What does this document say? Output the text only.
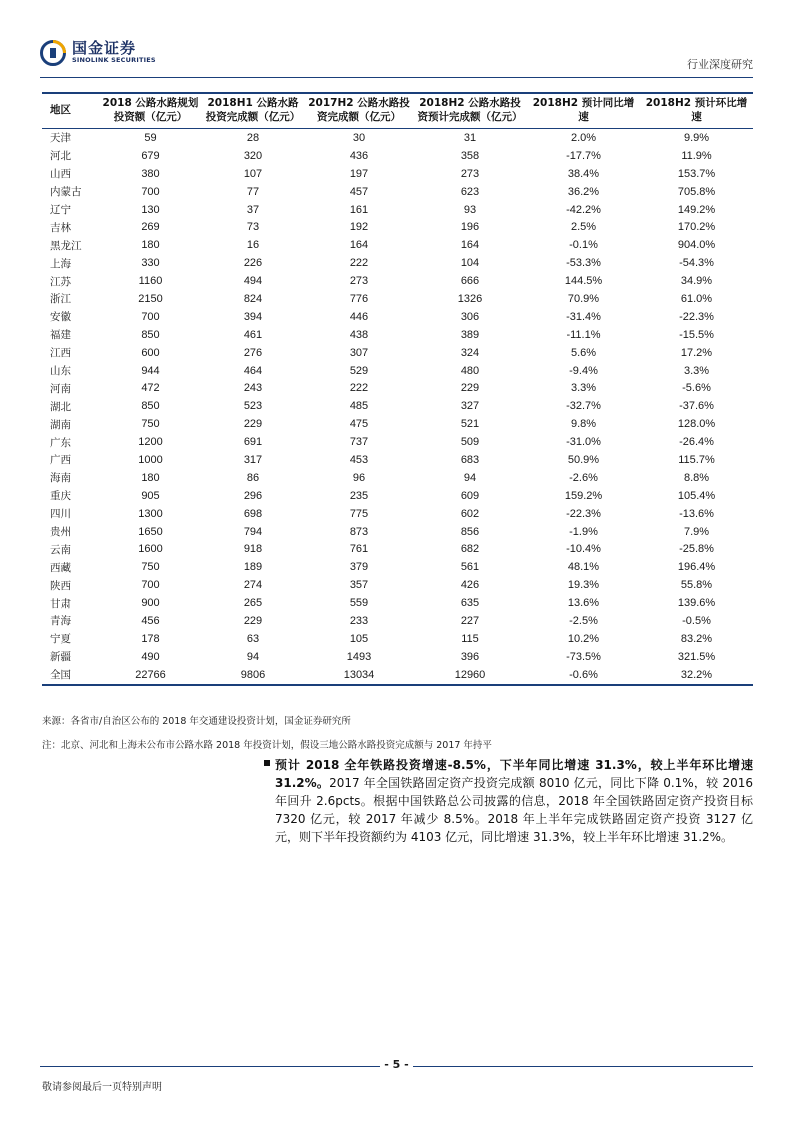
国金证券
SINOLINK SECURITIES	行业深度研究
地区	2018 公路水路规划投资额（亿元）	2018H1 公路水路投资完成额（亿元）	2017H2 公路水路投资完成额（亿元）	2018H2 公路水路投资预计完成额（亿元）	2018H2 预计同比增速	2018H2 预计环比增速
天津	59	28	30	31	2.0%	9.9%
河北	679	320	436	358	-17.7%	11.9%
山西	380	107	197	273	38.4%	153.7%
内蒙古	700	77	457	623	36.2%	705.8%
辽宁	130	37	161	93	-42.2%	149.2%
吉林	269	73	192	196	2.5%	170.2%
黑龙江	180	16	164	164	-0.1%	904.0%
上海	330	226	222	104	-53.3%	-54.3%
江苏	1160	494	273	666	144.5%	34.9%
浙江	2150	824	776	1326	70.9%	61.0%
安徽	700	394	446	306	-31.4%	-22.3%
福建	850	461	438	389	-11.1%	-15.5%
江西	600	276	307	324	5.6%	17.2%
山东	944	464	529	480	-9.4%	3.3%
河南	472	243	222	229	3.3%	-5.6%
湖北	850	523	485	327	-32.7%	-37.6%
湖南	750	229	475	521	9.8%	128.0%
广东	1200	691	737	509	-31.0%	-26.4%
广西	1000	317	453	683	50.9%	115.7%
海南	180	86	96	94	-2.6%	8.8%
重庆	905	296	235	609	159.2%	105.4%
四川	1300	698	775	602	-22.3%	-13.6%
贵州	1650	794	873	856	-1.9%	7.9%
云南	1600	918	761	682	-10.4%	-25.8%
西藏	750	189	379	561	48.1%	196.4%
陕西	700	274	357	426	19.3%	55.8%
甘肃	900	265	559	635	13.6%	139.6%
青海	456	229	233	227	-2.5%	-0.5%
宁夏	178	63	105	115	10.2%	83.2%
新疆	490	94	1493	396	-73.5%	321.5%
全国	22766	9806	13034	12960	-0.6%	32.2%
来源：各省市/自治区公布的 2018 年交通建设投资计划，国金证券研究所
注：北京、河北和上海未公布市公路水路 2018 年投资计划，假设三地公路水路投资完成额与 2017 年持平
预计 2018 全年铁路投资增速-8.5%，下半年同比增速 31.3%，较上半年环比增速 31.2%。2017 年全国铁路固定资产投资完成额 8010 亿元，同比下降 0.1%，较 2016 年回升 2.6pcts。根据中国铁路总公司披露的信息，2018 年全国铁路固定资产投资目标 7320 亿元，较 2017 年减少 8.5%。2018 年上半年完成铁路固定资产投资 3127 亿元，则下半年投资额约为 4103 亿元，同比增速 31.3%，较上半年环比增速 31.2%。
- 5 -
敬请参阅最后一页特别声明
